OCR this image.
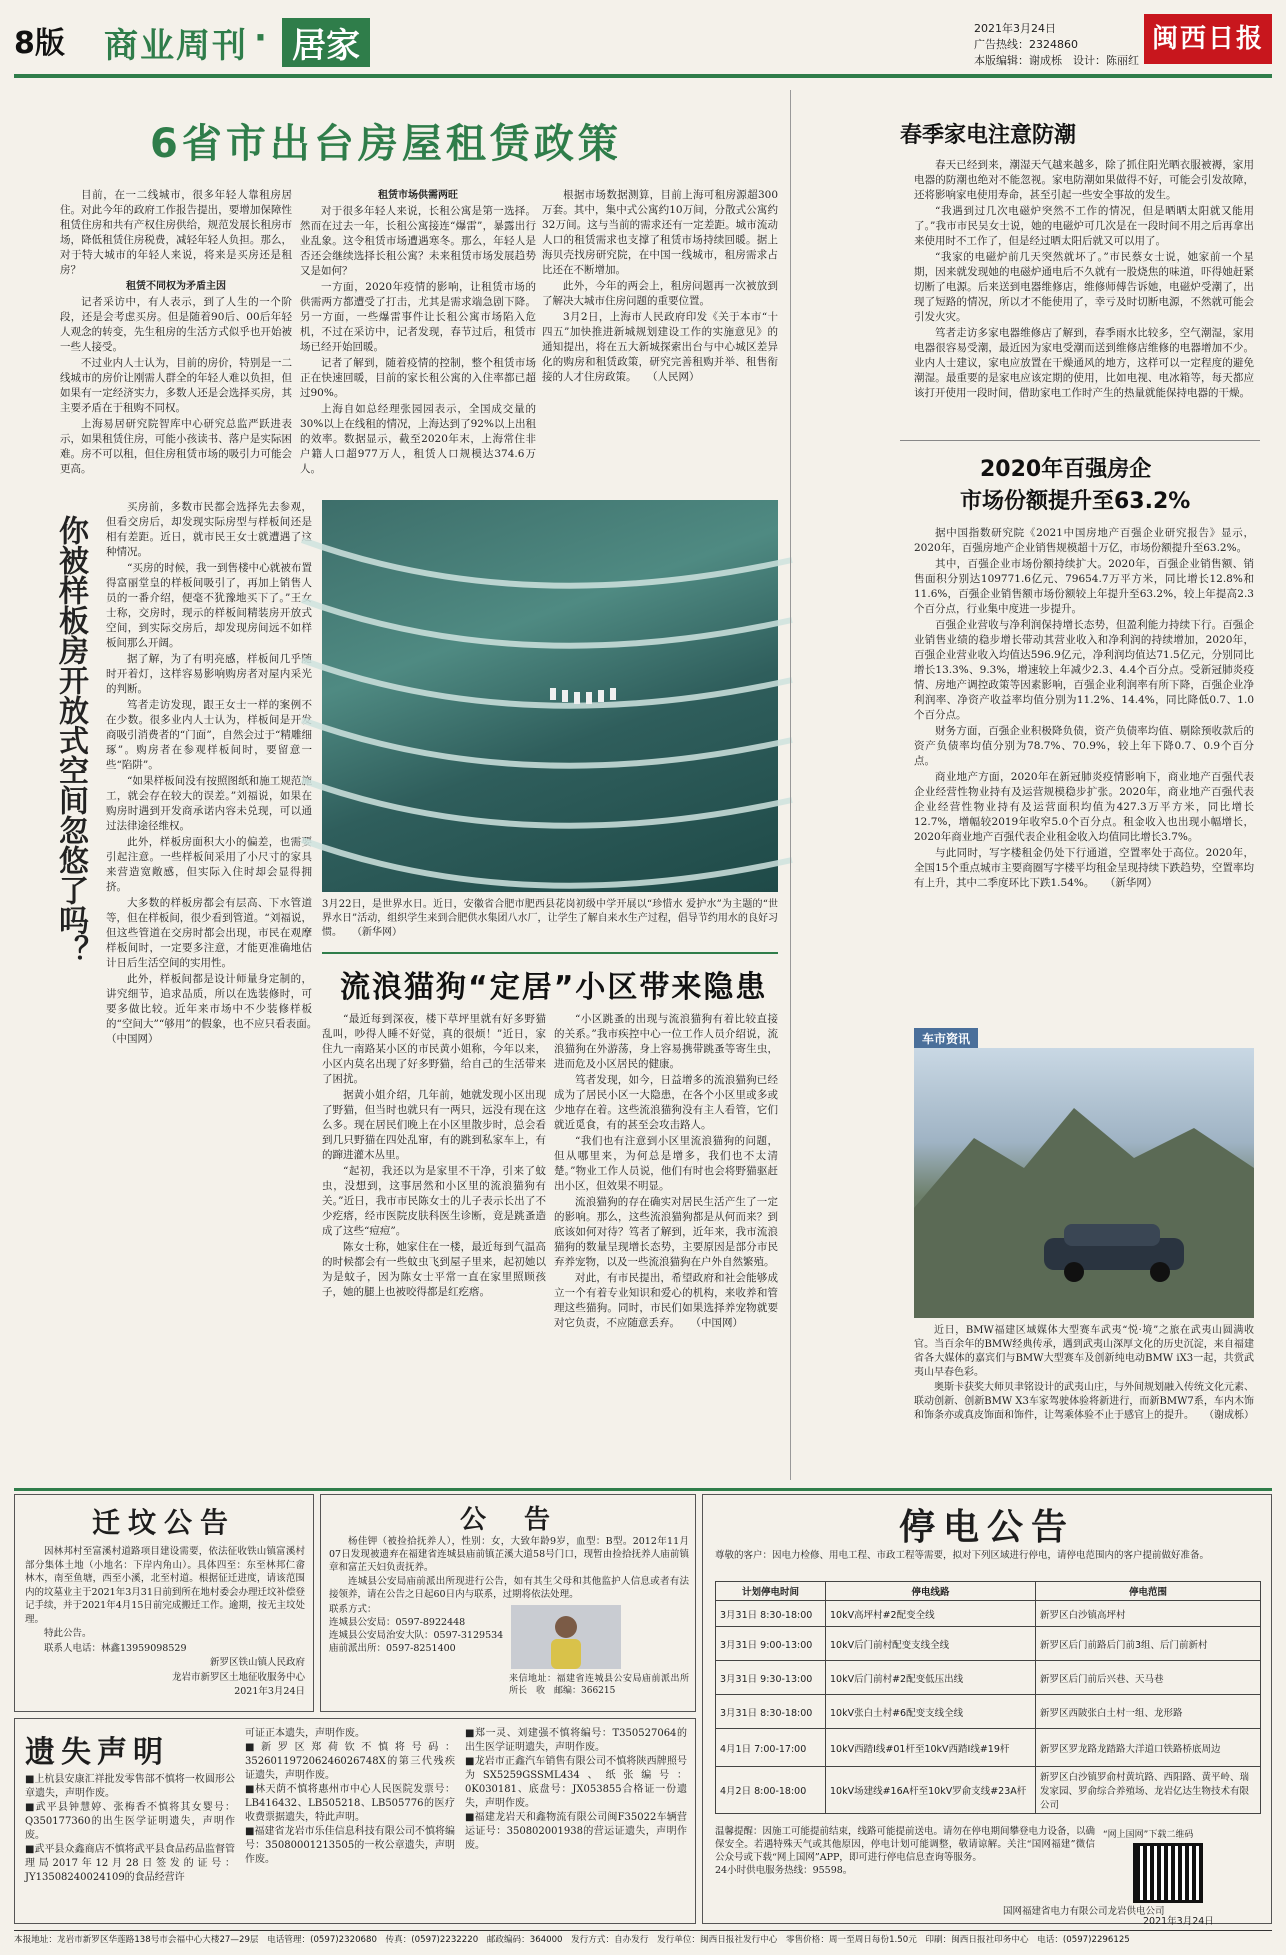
8版 商业周刊 · 居家	2021年3月24日
广告热线：2324860
本版编辑：谢成栎　设计：陈丽红
闽西日报
6省市出台房屋租赁政策

目前，在一二线城市，很多年轻人靠租房居住。对此今年的政府工作报告提出，要增加保障性租赁住房和共有产权住房供给，规范发展长租房市场，降低租赁住房税费，减轻年轻人负担。那么，对于特大城市的年轻人来说，将来是买房还是租房？

租赁不同权为矛盾主因

记者采访中，有人表示，到了人生的一个阶段，还是会考虑买房。但是随着90后、00后年轻人观念的转变，先生租房的生活方式似乎也开始被一些人接受。

不过业内人士认为，目前的房价，特别是一二线城市的房价让刚需人群全的年轻人难以负担，但如果有一定经济实力，多数人还是会选择买房，其主要矛盾在于租购不同权。

上海易居研究院智库中心研究总监严跃进表示，如果租赁住房，可能小孩读书、落户是实际困难。房不可以租，但住房租赁市场的吸引力可能会更高。

租赁市场供需两旺

对于很多年轻人来说，长租公寓是第一选择。然而在过去一年，长租公寓接连“爆雷”，暴露出行业乱象。这令租赁市场遭遇寒冬。那么，年轻人是否还会继续选择长租公寓？未来租赁市场发展趋势又是如何？

一方面，2020年疫情的影响，让租赁市场的供需两方都遭受了打击，尤其是需求端急剧下降。另一方面，一些爆雷事件让长租公寓市场陷入危机，不过在采访中，记者发现，春节过后，租赁市场已经开始回暖。

记者了解到，随着疫情的控制，整个租赁市场正在快速回暖，目前的家长租公寓的入住率都已超过90%。

上海自如总经理张园园表示，全国成交量的30%以上在线租的情况，上海达到了92%以上出租的效率。数据显示，截至2020年末，上海常住非户籍人口超977万人，租赁人口规模达374.6万人。

根据市场数据测算，目前上海可租房源超300万套。其中，集中式公寓约10万间，分散式公寓约32万间。这与当前的需求还有一定差距。城市流动人口的租赁需求也支撑了租赁市场持续回暖。据上海贝壳找房研究院，在中国一线城市，租房需求占比还在不断增加。

此外，今年的两会上，租房问题再一次被放到了解决大城市住房问题的重要位置。

3月2日，上海市人民政府印发《关于本市“十四五”加快推进新城规划建设工作的实施意见》的通知提出，将在五大新城探索出台与中心城区差异化的购房和租赁政策，研究完善租购并举、租售衔接的人才住房政策。　　（人民网）

你被样板房开放式空间忽悠了吗？

买房前，多数市民都会选择先去参观，但看交房后，却发现实际房型与样板间还是相有差距。近日，就市民王女士就遭遇了这种情况。

“买房的时候，我一到售楼中心就被布置得富丽堂皇的样板间吸引了，再加上销售人员的一番介绍，便毫不犹豫地买下了。”王女士称，交房时，现示的样板间精装房开放式空间，到实际交房后，却发现房间远不如样板间那么开阔。

据了解，为了有明亮感，样板间几乎随时开着灯，这样容易影响购房者对屋内采光的判断。

笃者走访发现，跟王女士一样的案例不在少数。很多业内人士认为，样板间是开发商吸引消费者的“门面”，自然会过于“精雕细琢”。购房者在参观样板间时，要留意一些“陷阱”。

“如果样板间没有按照图纸和施工规范施工，就会存在较大的误差。”刘福说，如果在购房时遇到开发商承诺内容未兑现，可以通过法律途径维权。

此外，样板房面积大小的偏差，也需要引起注意。一些样板间采用了小尺寸的家具来营造宽敞感，但实际入住时却会显得拥挤。

大多数的样板房都会有层高、下水管道等，但在样板间，很少看到管道。“刘福说，但这些管道在交房时都会出现，市民在观摩样板间时，一定要多注意，才能更准确地估计日后生活空间的实用性。

此外，样板间都是设计师量身定制的，讲究细节，追求品质，所以在选装修时，可要多做比较。近年来市场中不少装修样板的“空间大”“够用”的假象，也不应只看表面。　　（中国网）

3月22日，是世界水日。近日，安徽省合肥市肥西县花岗初级中学开展以“珍惜水 爱护水”为主题的“世界水日”活动，组织学生来到合肥供水集团八水厂，让学生了解自来水生产过程，倡导节约用水的良好习惯。　　（新华网）
流浪猫狗“定居”小区带来隐患

“最近每到深夜，楼下草坪里就有好多野猫乱叫，吵得人睡不好觉，真的很烦！”近日，家住九一南路某小区的市民黄小姐称，今年以来，小区内莫名出现了好多野猫，给自己的生活带来了困扰。

据黄小姐介绍，几年前，她就发现小区出现了野猫，但当时也就只有一两只，远没有现在这么多。现在居民们晚上在小区里散步时，总会看到几只野猫在四处乱窜，有的跳到私家车上，有的蹿进灌木丛里。

“起初，我还以为是家里不干净，引来了蚊虫，没想到，这事居然和小区里的流浪猫狗有关。”近日，我市市民陈女士的儿子表示长出了不少疙瘩，经市医院皮肤科医生诊断，竟是跳蚤造成了这些“痘痘”。

陈女士称，她家住在一楼，最近每到气温高的时候都会有一些蚊虫飞到屋子里来，起初她以为是蚊子，因为陈女士平常一直在家里照顾孩子，她的腿上也被咬得都是红疙瘩。

“小区跳蚤的出现与流浪猫狗有着比较直接的关系。”我市疾控中心一位工作人员介绍说，流浪猫狗在外游荡，身上容易携带跳蚤等寄生虫，进而危及小区居民的健康。

笃者发现，如今，日益增多的流浪猫狗已经成为了居民小区一大隐患，在各个小区里或多或少地存在着。这些流浪猫狗没有主人看管，它们就近觅食，有的甚至会攻击路人。

“我们也有注意到小区里流浪猫狗的问题，但从哪里来，为何总是增多，我们也不太清楚。”物业工作人员说，他们有时也会将野猫驱赶出小区，但效果不明显。

流浪猫狗的存在确实对居民生活产生了一定的影响。那么，这些流浪猫狗都是从何而来？到底该如何对待？笃者了解到，近年来，我市流浪猫狗的数量呈现增长态势，主要原因是部分市民弃养宠物，以及一些流浪猫狗在户外自然繁殖。

对此，有市民提出，希望政府和社会能够成立一个有着专业知识和爱心的机构，来收养和管理这些猫狗。同时，市民们如果选择养宠物就要对它负责，不应随意丢弃。　　（中国网）

春季家电注意防潮

春天已经到来，潮湿天气越来越多，除了抓住阳光晒衣服被褥，家用电器的防潮也绝对不能忽视。家电防潮如果做得不好，可能会引发故障，还将影响家电使用寿命，甚至引起一些安全事故的发生。

“我遇到过几次电磁炉突然不工作的情况，但是晒晒太阳就又能用了。”我市市民吴女士说，她的电磁炉可几次是在一段时间不用之后再拿出来使用时不工作了，但是经过晒太阳后就又可以用了。

“我家的电磁炉前几天突然就坏了。”市民蔡女士说，她家前一个星期，因来就发现她的电磁炉通电后不久就有一股烧焦的味道，吓得她赶紧切断了电源。后来送到电器维修店，维修师傅告诉她，电磁炉受潮了，出现了短路的情况，所以才不能使用了，幸亏及时切断电源，不然就可能会引发火灾。

笃者走访多家电器维修店了解到，春季雨水比较多，空气潮湿，家用电器很容易受潮，最近因为家电受潮而送到维修店维修的电器增加不少。业内人士建议，家电应放置在干燥通风的地方，这样可以一定程度的避免潮湿。最重要的是家电应该定期的使用，比如电视、电冰箱等，每天都应该打开使用一段时间，借助家电工作时产生的热量就能保持电器的干燥。

2020年百强房企
市场份额提升至63.2%

据中国指数研究院《2021中国房地产百强企业研究报告》显示，2020年，百强房地产企业销售规模超十万亿，市场份额提升至63.2%。

其中，百强企业市场份额持续扩大。2020年，百强企业销售额、销售面积分别达109771.6亿元、79654.7万平方米，同比增长12.8%和11.6%，百强企业销售额市场份额较上年提升至63.2%，较上年提高2.3个百分点，行业集中度进一步提升。

百强企业营收与净利润保持增长态势，但盈利能力持续下行。百强企业销售业绩的稳步增长带动其营业收入和净利润的持续增加，2020年，百强企业营业收入均值达596.9亿元，净利润均值达71.5亿元，分别同比增长13.3%、9.3%，增速较上年减少2.3、4.4个百分点。受新冠肺炎疫情、房地产调控政策等因素影响，百强企业利润率有所下降，百强企业净利润率、净资产收益率均值分别为11.2%、14.4%，同比降低0.7、1.0个百分点。

财务方面，百强企业积极降负债，资产负债率均值、剔除预收款后的资产负债率均值分别为78.7%、70.9%，较上年下降0.7、0.9个百分点。

商业地产方面，2020年在新冠肺炎疫情影响下，商业地产百强代表企业经营性物业持有及运营规模稳步扩张。2020年，商业地产百强代表企业经营性物业持有及运营面积均值为427.3万平方米，同比增长12.7%，增幅较2019年收窄5.0个百分点。租金收入也出现小幅增长，2020年商业地产百强代表企业租金收入均值同比增长3.7%。

与此同时，写字楼租金仍处下行通道，空置率处于高位。2020年，全国15个重点城市主要商圈写字楼平均租金呈现持续下跌趋势，空置率均有上升，其中二季度环比下跌1.54%。　　（新华网）

车市资讯

近日，BMW福建区域媒体大型赛车武夷“悦·境”之旅在武夷山圆满收官。当百余年的BMW经典传承，遇到武夷山深厚文化的历史沉淀，来自福建省各大媒体的嘉宾们与BMW大型赛车及创新纯电动BMW iX3一起，共赏武夷山早春色彩。

奥斯卡获奖大师贝聿铭设计的武夷山庄，与外间规划融入传统文化元素、联动创新、创新BMW X3车家驾驶体验将新进行，而新BMW7系，车内木饰和饰条亦或真皮饰面和饰件，让驾乘体验不止于感官上的提升。　　（谢成栎）

迁坟公告

因林邦村至富溪村道路项目建设需要，依法征收铁山镇富溪村部分集体土地（小地名：下岸内角山）。具体四至：东至林邦仁畲林木，南至鱼塘，西至小溪，北至村道。根据征迁进度，请该范围内的坟墓业主于2021年3月31日前到所在地村委会办理迁坟补偿登记手续，并于2021年4月15日前完成搬迁工作。逾期，按无主坟处理。

特此公告。

联系人电话：林鑫13959098529

新罗区铁山镇人民政府

龙岩市新罗区土地征收服务中心

2021年3月24日

公　告

杨佳钾（被捡拾抚养人），性别：女，大致年龄9岁，血型：B型。2012年11月07日发现被遗弃在福建省连城县庙前镇芷溪大道58号门口，现暂由捡拾抚养人庙前镇章和富芷天妇负责抚养。

连城县公安局庙前派出所现进行公告，如有其生父母和其他监护人信息或者有法接领养，请在公告之日起60日内与联系，过期将依法处理。

联系方式：
连城县公安局：0597-8922448
连城县公安局治安大队：0597-3129534
庙前派出所：0597-8251400
来信地址：福建省连城县公安局庙前派出所　所长　收　邮编：366215
停电公告
尊敬的客户：因电力检修、用电工程、市政工程等需要，拟对下列区域进行停电，请停电范围内的客户提前做好准备。
计划停电时间	停电线路	停电范围
3月31日 8:30-18:00	10kV高坪村#2配变全线	新罗区白沙镇高坪村
3月31日 9:00-13:00	10kV后门前村配变支线全线	新罗区后门前路后门前3组、后门前新村
3月31日 9:30-13:00	10kV后门前村#2配变低压出线	新罗区后门前后兴巷、天马巷
3月31日 8:30-18:00	10kV张白土村#6配变支线全线	新罗区西陂张白土村一组、龙形路
4月1日 7:00-17:00	10kV西踏Ⅰ线#01杆至10kV西踏Ⅰ线#19杆	新罗区罗龙路龙踏路大洋道口铁路桥底周边
4月2日 8:00-18:00	10kV场建线#16A杆至10kV罗俞支线#23A杆	新罗区白沙镇罗俞村黄坑路、西阳路、黄平岭、瑞发家园、罗俞综合养殖场、龙岩亿达生物技术有限公司
温馨提醒：因施工可能提前结束，线路可能提前送电。请勿在停电期间攀登电力设备，以确保安全。若遇特殊天气或其他原因，停电计划可能调整，敬请谅解。关注“国网福建”微信公众号或下载“网上国网”APP，即可进行停电信息查询等服务。
24小时供电服务热线：95598。
“网上国网”下载二维码
国网福建省电力有限公司龙岩供电公司
2021年3月24日
遗失声明
■上杭县安康汇祥批发零售部不慎将一枚圆形公章遗失，声明作废。
■武平县钟慧婷、张梅香不慎将其女婴号：Q350177360的出生医学证明遗失，声明作废。
■武平县众鑫商店不慎将武平县食品药品监督管理局2017年12月28日签发的证号：JY13508240024109的食品经营许
可证正本遗失，声明作废。
■新罗区郑荷钦不慎将号码：352601197206246026748X的第三代残疾证遗失，声明作废。
■林天荫不慎将惠州市中心人民医院发票号：LB416432、LB505218、LB505776的医疗收费票据遗失，特此声明。
■福建省龙岩市乐佳信息科技有限公司不慎将编号：35080001213505的一枚公章遗失，声明作废。
■郑一灵、刘建强不慎将编号：T350527064的出生医学证明遗失，声明作废。
■龙岩市正鑫汽车销售有限公司不慎将陕西牌照号为SX5259GSSML434、纸张编号：0K030181、底盘号：JX053855合格证一份遗失，声明作废。
■福建龙岩天和鑫物流有限公司闽F35022车辆营运证号：350802001938的营运证遗失，声明作废。
本报地址：龙岩市新罗区华莲路138号市会福中心大楼27—29层　电话管理：(0597)2320680　传真：(0597)2232220　邮政编码：364000　发行方式：自办发行　发行单位：闽西日报社发行中心　零售价格：周一至周日每份1.50元　印刷：闽西日报社印务中心　电话：(0597)2296125
